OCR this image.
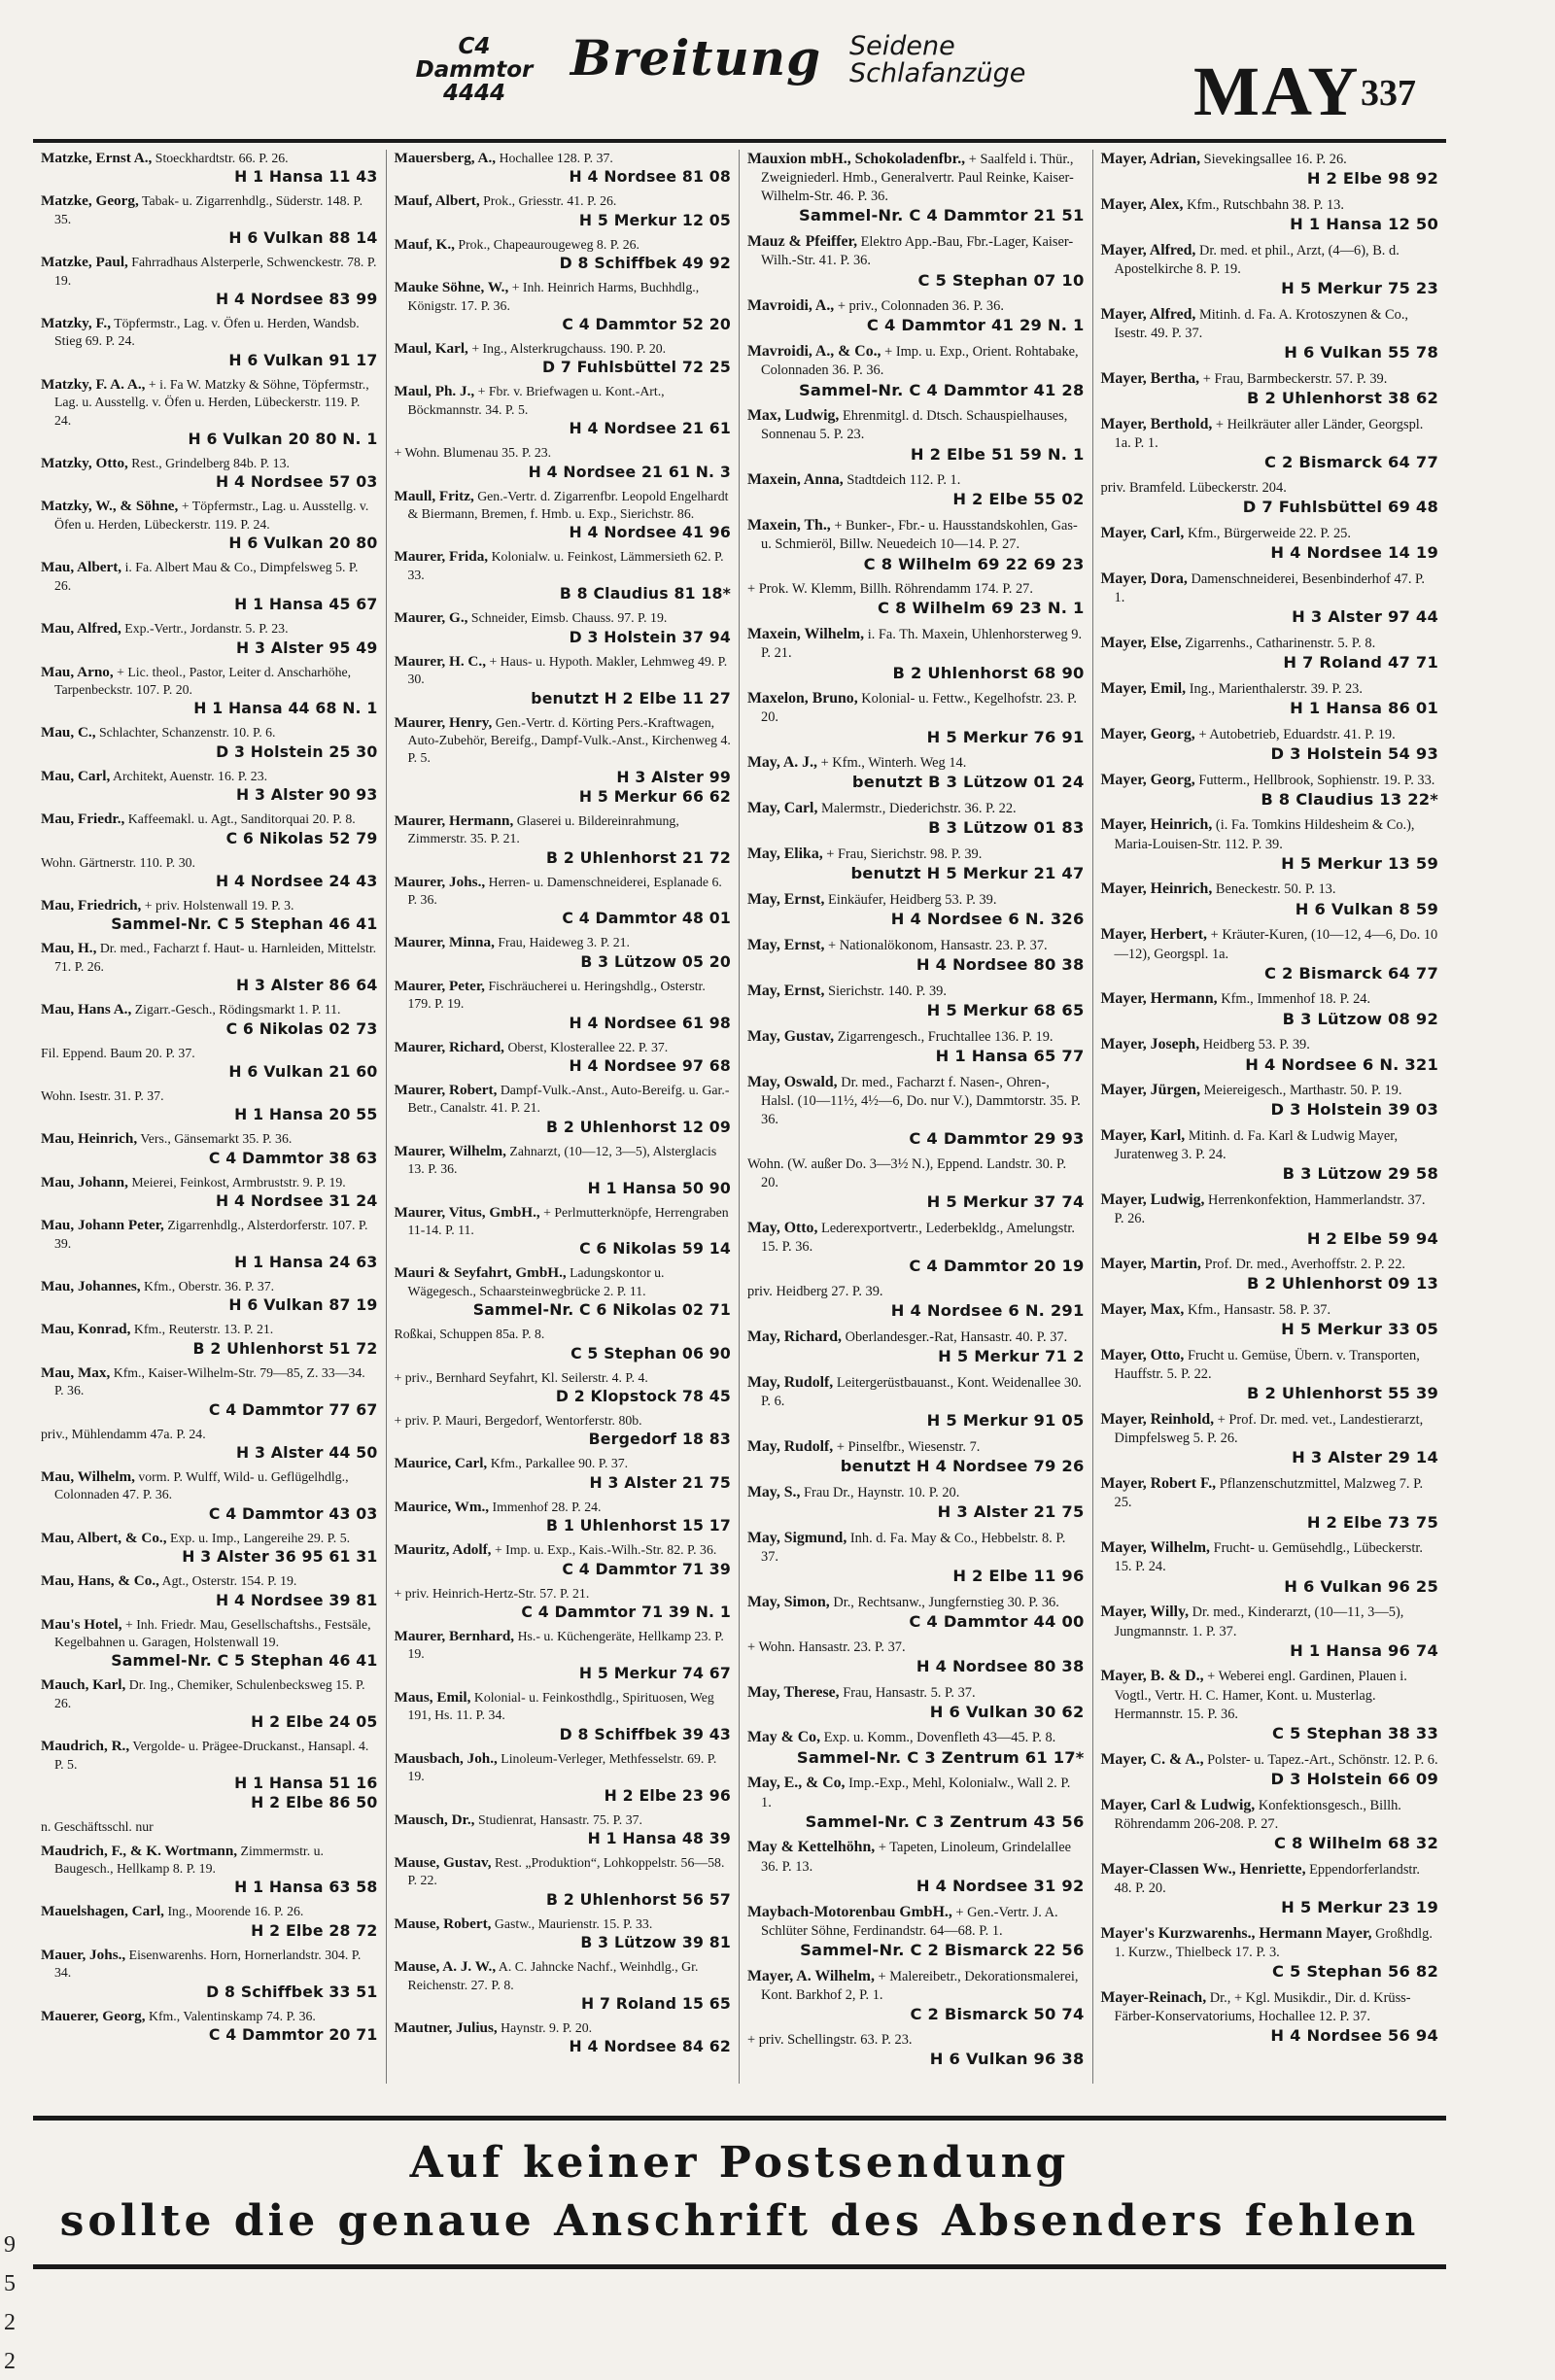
C4 Dammtor
4444
Breitung	Seidene
Schlafanzüge	MAY 337
Matzke, Ernst A., Stoeckhardtstr. 66. P. 26.
H 1 Hansa 11 43
Matzke, Georg, Tabak- u. Zigarrenhdlg., Süderstr. 148. P. 35.
H 6 Vulkan 88 14
Matzke, Paul, Fahrradhaus Alsterperle, Schwenckestr. 78. P. 19.
H 4 Nordsee 83 99
Matzky, F., Töpfermstr., Lag. v. Öfen u. Herden, Wandsb. Stieg 69. P. 24.
H 6 Vulkan 91 17
Matzky, F. A. A., + i. Fa W. Matzky & Söhne, Töpfermstr., Lag. u. Ausstellg. v. Öfen u. Herden, Lübeckerstr. 119. P. 24.
H 6 Vulkan 20 80 N. 1
Matzky, Otto, Rest., Grindelberg 84b. P. 13.
H 4 Nordsee 57 03
Matzky, W., & Söhne, + Töpfermstr., Lag. u. Ausstellg. v. Öfen u. Herden, Lübeckerstr. 119. P. 24.
H 6 Vulkan 20 80
Mau, Albert, i. Fa. Albert Mau & Co., Dimpfelsweg 5. P. 26.
H 1 Hansa 45 67
Mau, Alfred, Exp.-Vertr., Jordanstr. 5. P. 23.
H 3 Alster 95 49
Mau, Arno, + Lic. theol., Pastor, Leiter d. Anscharhöhe, Tarpenbeckstr. 107. P. 20.
H 1 Hansa 44 68 N. 1
Mau, C., Schlachter, Schanzenstr. 10. P. 6.
D 3 Holstein 25 30
Mau, Carl, Architekt, Auenstr. 16. P. 23.
H 3 Alster 90 93
Mau, Friedr., Kaffeemakl. u. Agt., Sanditorquai 20. P. 8.
C 6 Nikolas 52 79
Wohn. Gärtnerstr. 110. P. 30.
H 4 Nordsee 24 43
Mau, Friedrich, + priv. Holstenwall 19. P. 3.
Sammel-Nr. C 5 Stephan 46 41
Mau, H., Dr. med., Facharzt f. Haut- u. Harnleiden, Mittelstr. 71. P. 26.
H 3 Alster 86 64
Mau, Hans A., Zigarr.-Gesch., Rödingsmarkt 1. P. 11.
C 6 Nikolas 02 73
Fil. Eppend. Baum 20. P. 37.
H 6 Vulkan 21 60
Wohn. Isestr. 31. P. 37.
H 1 Hansa 20 55
Mau, Heinrich, Vers., Gänsemarkt 35. P. 36.
C 4 Dammtor 38 63
Mau, Johann, Meierei, Feinkost, Armbruststr. 9. P. 19.
H 4 Nordsee 31 24
Mau, Johann Peter, Zigarrenhdlg., Alsterdorferstr. 107. P. 39.
H 1 Hansa 24 63
Mau, Johannes, Kfm., Oberstr. 36. P. 37.
H 6 Vulkan 87 19
Mau, Konrad, Kfm., Reuterstr. 13. P. 21.
B 2 Uhlenhorst 51 72
Mau, Max, Kfm., Kaiser-Wilhelm-Str. 79—85, Z. 33—34. P. 36.
C 4 Dammtor 77 67
priv., Mühlendamm 47a. P. 24.
H 3 Alster 44 50
Mau, Wilhelm, vorm. P. Wulff, Wild- u. Geflügelhdlg., Colonnaden 47. P. 36.
C 4 Dammtor 43 03
Mau, Albert, & Co., Exp. u. Imp., Langereihe 29. P. 5.
H 3 Alster 36 95 61 31
Mau, Hans, & Co., Agt., Osterstr. 154. P. 19.
H 4 Nordsee 39 81
Mau's Hotel, + Inh. Friedr. Mau, Gesellschaftshs., Festsäle, Kegelbahnen u. Garagen, Holstenwall 19.
Sammel-Nr. C 5 Stephan 46 41
Mauch, Karl, Dr. Ing., Chemiker, Schulenbecksweg 15. P. 26.
H 2 Elbe 24 05
Maudrich, R., Vergolde- u. Prägee-Druckanst., Hansapl. 4. P. 5.
H 1 Hansa 51 16
H 2 Elbe 86 50
n. Geschäftsschl. nur
Maudrich, F., & K. Wortmann, Zimmermstr. u. Baugesch., Hellkamp 8. P. 19.
H 1 Hansa 63 58
Mauelshagen, Carl, Ing., Moorende 16. P. 26.
H 2 Elbe 28 72
Mauer, Johs., Eisenwarenhs. Horn, Hornerlandstr. 304. P. 34.
D 8 Schiffbek 33 51
Mauerer, Georg, Kfm., Valentinskamp 74. P. 36.
C 4 Dammtor 20 71
Mauersberg, A., Hochallee 128. P. 37.
H 4 Nordsee 81 08
Mauf, Albert, Prok., Griesstr. 41. P. 26.
H 5 Merkur 12 05
Mauf, K., Prok., Chapeaurougeweg 8. P. 26.
D 8 Schiffbek 49 92
Mauke Söhne, W., + Inh. Heinrich Harms, Buchhdlg., Königstr. 17. P. 36.
C 4 Dammtor 52 20
Maul, Karl, + Ing., Alsterkrugchauss. 190. P. 20.
D 7 Fuhlsbüttel 72 25
Maul, Ph. J., + Fbr. v. Briefwagen u. Kont.-Art., Böckmannstr. 34. P. 5.
H 4 Nordsee 21 61
+ Wohn. Blumenau 35. P. 23.
H 4 Nordsee 21 61 N. 3
Maull, Fritz, Gen.-Vertr. d. Zigarrenfbr. Leopold Engelhardt & Biermann, Bremen, f. Hmb. u. Exp., Sierichstr. 86.
H 4 Nordsee 41 96
Maurer, Frida, Kolonialw. u. Feinkost, Lämmersieth 62. P. 33.
B 8 Claudius 81 18*
Maurer, G., Schneider, Eimsb. Chauss. 97. P. 19.
D 3 Holstein 37 94
Maurer, H. C., + Haus- u. Hypoth. Makler, Lehmweg 49. P. 30.
benutzt H 2 Elbe 11 27
Maurer, Henry, Gen.-Vertr. d. Körting Pers.-Kraftwagen, Auto-Zubehör, Bereifg., Dampf-Vulk.-Anst., Kirchenweg 4. P. 5.
H 3 Alster 99
H 5 Merkur 66 62
Maurer, Hermann, Glaserei u. Bildereinrahmung, Zimmerstr. 35. P. 21.
B 2 Uhlenhorst 21 72
Maurer, Johs., Herren- u. Damenschneiderei, Esplanade 6. P. 36.
C 4 Dammtor 48 01
Maurer, Minna, Frau, Haideweg 3. P. 21.
B 3 Lützow 05 20
Maurer, Peter, Fischräucherei u. Heringshdlg., Osterstr. 179. P. 19.
H 4 Nordsee 61 98
Maurer, Richard, Oberst, Klosterallee 22. P. 37.
H 4 Nordsee 97 68
Maurer, Robert, Dampf-Vulk.-Anst., Auto-Bereifg. u. Gar.-Betr., Canalstr. 41. P. 21.
B 2 Uhlenhorst 12 09
Maurer, Wilhelm, Zahnarzt, (10—12, 3—5), Alsterglacis 13. P. 36.
H 1 Hansa 50 90
Maurer, Vitus, GmbH., + Perlmutterknöpfe, Herrengraben 11-14. P. 11.
C 6 Nikolas 59 14
Mauri & Seyfahrt, GmbH., Ladungskontor u. Wägegesch., Schaarsteinwegbrücke 2. P. 11.
Sammel-Nr. C 6 Nikolas 02 71
Roßkai, Schuppen 85a. P. 8.
C 5 Stephan 06 90
+ priv., Bernhard Seyfahrt, Kl. Seilerstr. 4. P. 4.
D 2 Klopstock 78 45
+ priv. P. Mauri, Bergedorf, Wentorferstr. 80b.
Bergedorf 18 83
Maurice, Carl, Kfm., Parkallee 90. P. 37.
H 3 Alster 21 75
Maurice, Wm., Immenhof 28. P. 24.
B 1 Uhlenhorst 15 17
Mauritz, Adolf, + Imp. u. Exp., Kais.-Wilh.-Str. 82. P. 36.
C 4 Dammtor 71 39
+ priv. Heinrich-Hertz-Str. 57. P. 21.
C 4 Dammtor 71 39 N. 1
Maurer, Bernhard, Hs.- u. Küchengeräte, Hellkamp 23. P. 19.
H 5 Merkur 74 67
Maus, Emil, Kolonial- u. Feinkosthdlg., Spirituosen, Weg 191, Hs. 11. P. 34.
D 8 Schiffbek 39 43
Mausbach, Joh., Linoleum-Verleger, Methfesselstr. 69. P. 19.
H 2 Elbe 23 96
Mausch, Dr., Studienrat, Hansastr. 75. P. 37.
H 1 Hansa 48 39
Mause, Gustav, Rest. „Produktion“, Lohkoppelstr. 56—58. P. 22.
B 2 Uhlenhorst 56 57
Mause, Robert, Gastw., Maurienstr. 15. P. 33.
B 3 Lützow 39 81
Mause, A. J. W., A. C. Jahncke Nachf., Weinhdlg., Gr. Reichenstr. 27. P. 8.
H 7 Roland 15 65
Mautner, Julius, Haynstr. 9. P. 20.
H 4 Nordsee 84 62
Mauxion mbH., Schokoladenfbr., + Saalfeld i. Thür., Zweigniederl. Hmb., Generalvertr. Paul Reinke, Kaiser-Wilhelm-Str. 46. P. 36.
Sammel-Nr. C 4 Dammtor 21 51
Mauz & Pfeiffer, Elektro App.-Bau, Fbr.-Lager, Kaiser-Wilh.-Str. 41. P. 36.
C 5 Stephan 07 10
Mavroidi, A., + priv., Colonnaden 36. P. 36.
C 4 Dammtor 41 29 N. 1
Mavroidi, A., & Co., + Imp. u. Exp., Orient. Rohtabake, Colonnaden 36. P. 36.
Sammel-Nr. C 4 Dammtor 41 28
Max, Ludwig, Ehrenmitgl. d. Dtsch. Schauspielhauses, Sonnenau 5. P. 23.
H 2 Elbe 51 59 N. 1
Maxein, Anna, Stadtdeich 112. P. 1.
H 2 Elbe 55 02
Maxein, Th., + Bunker-, Fbr.- u. Hausstandskohlen, Gas- u. Schmieröl, Billw. Neuedeich 10—14. P. 27.
C 8 Wilhelm 69 22 69 23
+ Prok. W. Klemm, Billh. Röhrendamm 174. P. 27.
C 8 Wilhelm 69 23 N. 1
Maxein, Wilhelm, i. Fa. Th. Maxein, Uhlenhorsterweg 9. P. 21.
B 2 Uhlenhorst 68 90
Maxelon, Bruno, Kolonial- u. Fettw., Kegelhofstr. 23. P. 20.
H 5 Merkur 76 91
May, A. J., + Kfm., Winterh. Weg 14.
benutzt B 3 Lützow 01 24
May, Carl, Malermstr., Diederichstr. 36. P. 22.
B 3 Lützow 01 83
May, Elika, + Frau, Sierichstr. 98. P. 39.
benutzt H 5 Merkur 21 47
May, Ernst, Einkäufer, Heidberg 53. P. 39.
H 4 Nordsee 6 N. 326
May, Ernst, + Nationalökonom, Hansastr. 23. P. 37.
H 4 Nordsee 80 38
May, Ernst, Sierichstr. 140. P. 39.
H 5 Merkur 68 65
May, Gustav, Zigarrengesch., Fruchtallee 136. P. 19.
H 1 Hansa 65 77
May, Oswald, Dr. med., Facharzt f. Nasen-, Ohren-, Halsl. (10—11½, 4½—6, Do. nur V.), Dammtorstr. 35. P. 36.
C 4 Dammtor 29 93
Wohn. (W. außer Do. 3—3½ N.), Eppend. Landstr. 30. P. 20.
H 5 Merkur 37 74
May, Otto, Lederexportvertr., Lederbekldg., Amelungstr. 15. P. 36.
C 4 Dammtor 20 19
priv. Heidberg 27. P. 39.
H 4 Nordsee 6 N. 291
May, Richard, Oberlandesger.-Rat, Hansastr. 40. P. 37.
H 5 Merkur 71 2
May, Rudolf, Leitergerüstbauanst., Kont. Weidenallee 30. P. 6.
H 5 Merkur 91 05
May, Rudolf, + Pinselfbr., Wiesenstr. 7.
benutzt H 4 Nordsee 79 26
May, S., Frau Dr., Haynstr. 10. P. 20.
H 3 Alster 21 75
May, Sigmund, Inh. d. Fa. May & Co., Hebbelstr. 8. P. 37.
H 2 Elbe 11 96
May, Simon, Dr., Rechtsanw., Jungfernstieg 30. P. 36.
C 4 Dammtor 44 00
+ Wohn. Hansastr. 23. P. 37.
H 4 Nordsee 80 38
May, Therese, Frau, Hansastr. 5. P. 37.
H 6 Vulkan 30 62
May & Co, Exp. u. Komm., Dovenfleth 43—45. P. 8.
Sammel-Nr. C 3 Zentrum 61 17*
May, E., & Co, Imp.-Exp., Mehl, Kolonialw., Wall 2. P. 1.
Sammel-Nr. C 3 Zentrum 43 56
May & Kettelhöhn, + Tapeten, Linoleum, Grindelallee 36. P. 13.
H 4 Nordsee 31 92
Maybach-Motorenbau GmbH., + Gen.-Vertr. J. A. Schlüter Söhne, Ferdinandstr. 64—68. P. 1.
Sammel-Nr. C 2 Bismarck 22 56
Mayer, A. Wilhelm, + Malereibetr., Dekorationsmalerei, Kont. Barkhof 2, P. 1.
C 2 Bismarck 50 74
+ priv. Schellingstr. 63. P. 23.
H 6 Vulkan 96 38
Mayer, Adrian, Sievekingsallee 16. P. 26.
H 2 Elbe 98 92
Mayer, Alex, Kfm., Rutschbahn 38. P. 13.
H 1 Hansa 12 50
Mayer, Alfred, Dr. med. et phil., Arzt, (4—6), B. d. Apostelkirche 8. P. 19.
H 5 Merkur 75 23
Mayer, Alfred, Mitinh. d. Fa. A. Krotoszynen & Co., Isestr. 49. P. 37.
H 6 Vulkan 55 78
Mayer, Bertha, + Frau, Barmbeckerstr. 57. P. 39.
B 2 Uhlenhorst 38 62
Mayer, Berthold, + Heilkräuter aller Länder, Georgspl. 1a. P. 1.
C 2 Bismarck 64 77
priv. Bramfeld. Lübeckerstr. 204.
D 7 Fuhlsbüttel 69 48
Mayer, Carl, Kfm., Bürgerweide 22. P. 25.
H 4 Nordsee 14 19
Mayer, Dora, Damenschneiderei, Besenbinderhof 47. P. 1.
H 3 Alster 97 44
Mayer, Else, Zigarrenhs., Catharinenstr. 5. P. 8.
H 7 Roland 47 71
Mayer, Emil, Ing., Marienthalerstr. 39. P. 23.
H 1 Hansa 86 01
Mayer, Georg, + Autobetrieb, Eduardstr. 41. P. 19.
D 3 Holstein 54 93
Mayer, Georg, Futterm., Hellbrook, Sophienstr. 19. P. 33.
B 8 Claudius 13 22*
Mayer, Heinrich, (i. Fa. Tomkins Hildesheim & Co.), Maria-Louisen-Str. 112. P. 39.
H 5 Merkur 13 59
Mayer, Heinrich, Beneckestr. 50. P. 13.
H 6 Vulkan 8 59
Mayer, Herbert, + Kräuter-Kuren, (10—12, 4—6, Do. 10—12), Georgspl. 1a.
C 2 Bismarck 64 77
Mayer, Hermann, Kfm., Immenhof 18. P. 24.
B 3 Lützow 08 92
Mayer, Joseph, Heidberg 53. P. 39.
H 4 Nordsee 6 N. 321
Mayer, Jürgen, Meiereigesch., Marthastr. 50. P. 19.
D 3 Holstein 39 03
Mayer, Karl, Mitinh. d. Fa. Karl & Ludwig Mayer, Juratenweg 3. P. 24.
B 3 Lützow 29 58
Mayer, Ludwig, Herrenkonfektion, Hammerlandstr. 37. P. 26.
H 2 Elbe 59 94
Mayer, Martin, Prof. Dr. med., Averhoffstr. 2. P. 22.
B 2 Uhlenhorst 09 13
Mayer, Max, Kfm., Hansastr. 58. P. 37.
H 5 Merkur 33 05
Mayer, Otto, Frucht u. Gemüse, Übern. v. Transporten, Hauffstr. 5. P. 22.
B 2 Uhlenhorst 55 39
Mayer, Reinhold, + Prof. Dr. med. vet., Landestierarzt, Dimpfelsweg 5. P. 26.
H 3 Alster 29 14
Mayer, Robert F., Pflanzenschutzmittel, Malzweg 7. P. 25.
H 2 Elbe 73 75
Mayer, Wilhelm, Frucht- u. Gemüsehdlg., Lübeckerstr. 15. P. 24.
H 6 Vulkan 96 25
Mayer, Willy, Dr. med., Kinderarzt, (10—11, 3—5), Jungmannstr. 1. P. 37.
H 1 Hansa 96 74
Mayer, B. & D., + Weberei engl. Gardinen, Plauen i. Vogtl., Vertr. H. C. Hamer, Kont. u. Musterlag. Hermannstr. 15. P. 36.
C 5 Stephan 38 33
Mayer, C. & A., Polster- u. Tapez.-Art., Schönstr. 12. P. 6.
D 3 Holstein 66 09
Mayer, Carl & Ludwig, Konfektionsgesch., Billh. Röhrendamm 206-208. P. 27.
C 8 Wilhelm 68 32
Mayer-Classen Ww., Henriette, Eppendorferlandstr. 48. P. 20.
H 5 Merkur 23 19
Mayer's Kurzwarenhs., Hermann Mayer, Großhdlg. 1. Kurzw., Thielbeck 17. P. 3.
C 5 Stephan 56 82
Mayer-Reinach, Dr., + Kgl. Musikdir., Dir. d. Krüss-Färber-Konservatoriums, Hochallee 12. P. 37.
H 4 Nordsee 56 94
Auf keiner Postsendung
sollte die genaue Anschrift des Absenders fehlen
9
5
2
2
